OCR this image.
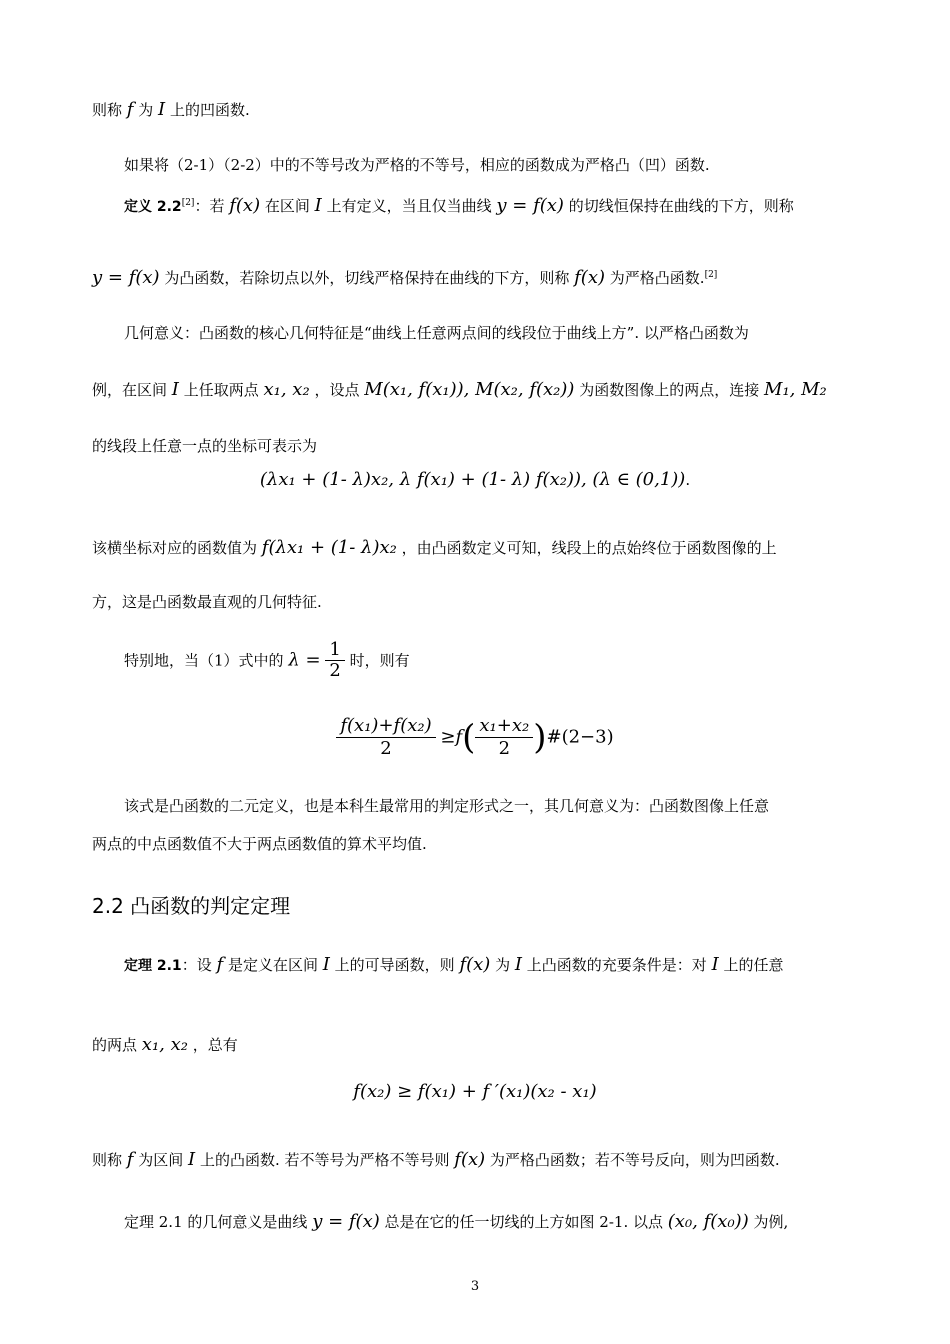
则称 f 为 I 上的凹函数.
如果将（2-1）（2-2）中的不等号改为严格的不等号，相应的函数成为严格凸（凹）函数.
定义 2.2[2]：若 f(x) 在区间 I 上有定义，当且仅当曲线 y = f(x) 的切线恒保持在曲线的下方，则称
y = f(x) 为凸函数，若除切点以外，切线严格保持在曲线的下方，则称 f(x) 为严格凸函数.[2]
几何意义：凸函数的核心几何特征是“曲线上任意两点间的线段位于曲线上方”. 以严格凸函数为
例，在区间 I 上任取两点 x₁, x₂ ，设点 M(x₁, f(x₁)), M(x₂, f(x₂)) 为函数图像上的两点，连接 M₁, M₂
的线段上任意一点的坐标可表示为
(λx₁ + (1- λ)x₂, λ f(x₁) + (1- λ) f(x₂)), (λ ∈ (0,1)).
该横坐标对应的函数值为 f(λx₁ + (1- λ)x₂ ，由凸函数定义可知，线段上的点始终位于函数图像的上
方，这是凸函数最直观的几何特征.
特别地，当（1）式中的 $\lambda = \frac{1}{2}$ 时，则有
$\frac{\text{f(x₁)+f(x₂)}}{2} \ge f( \frac{\text{x₁+x₂}}{2}$ )#(2−3)
该式是凸函数的二元定义，也是本科生最常用的判定形式之一，其几何意义为：凸函数图像上任意
两点的中点函数值不大于两点函数值的算术平均值.
2.2 凸函数的判定定理
定理 2.1：设 f 是定义在区间 I 上的可导函数，则 f(x) 为 I 上凸函数的充要条件是：对 I 上的任意
的两点 x₁, x₂ ，总有
f(x₂) ≥ f(x₁) + f ′(x₁)(x₂ - x₁)
则称 f 为区间 I 上的凸函数. 若不等号为严格不等号则 f(x) 为严格凸函数；若不等号反向，则为凹函数.
定理 2.1 的几何意义是曲线 y = f(x) 总是在它的任一切线的上方如图 2-1. 以点 (x₀, f(x₀)) 为例,
3
